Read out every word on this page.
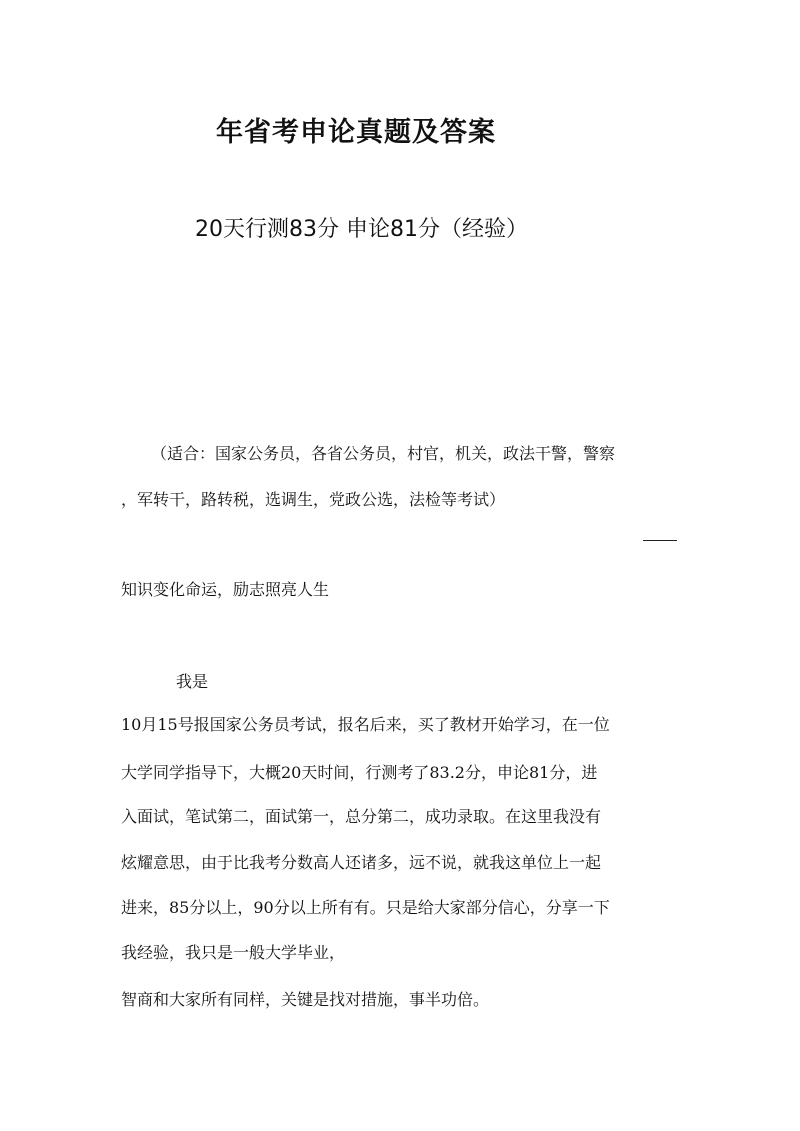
年省考申论真题及答案
20天行测83分 申论81分（经验）
（适合：国家公务员，各省公务员，村官，机关，政法干警，警察
，军转干，路转税，选调生，党政公选，法检等考试）
知识变化命运，励志照亮人生
我是
10月15号报国家公务员考试，报名后来，买了教材开始学习，在一位
大学同学指导下，大概20天时间，行测考了83.2分，申论81分，进
入面试，笔试第二，面试第一，总分第二，成功录取。在这里我没有
炫耀意思，由于比我考分数高人还诸多，远不说，就我这单位上一起
进来，85分以上，90分以上所有有。只是给大家部分信心，分享一下
我经验，我只是一般大学毕业，
智商和大家所有同样，关键是找对措施，事半功倍。
